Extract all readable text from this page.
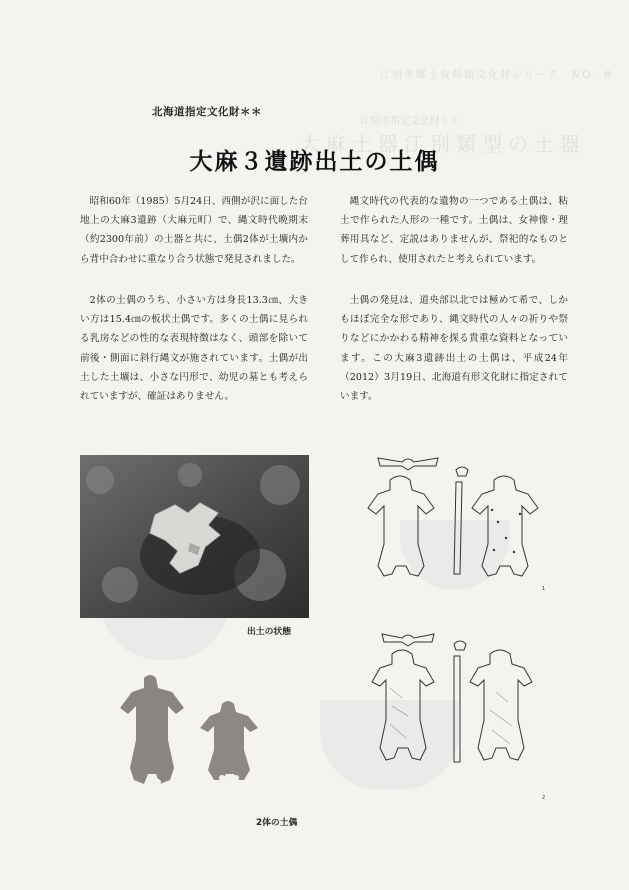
江別市郷土資料館文化財シリーズ　NO．8
江別市指定文化財＊＊
大麻土器江別類型の土器
北海道指定文化財＊＊
大麻３遺跡出土の土偶

昭和60年（1985）5月24日、西側が沢に面した台地上の大麻3遺跡（大麻元町）で、縄文時代晩期末（約2300年前）の土器と共に、土偶2体が土壙内から背中合わせに重なり合う状態で発見されました。

2体の土偶のうち、小さい方は身長13.3㎝、大きい方は15.4㎝の板状土偶です。多くの土偶に見られる乳房などの性的な表現特徴はなく、頭部を除いて前後・側面に斜行縄文が施されています。土偶が出土した土壙は、小さな円形で、幼児の墓とも考えられていますが、確証はありません。

縄文時代の代表的な遺物の一つである土偶は、粘土で作られた人形の一種です。土偶は、女神像・理葬用具など、定説はありませんが、祭祀的なものとして作られ、使用されたと考えられています。

土偶の発見は、道央部以北では極めて希で、しかもほぼ完全な形であり、縄文時代の人々の祈りや祭りなどにかかわる精神を探る貴重な資料となっています。この大麻3遺跡出土の土偶は、平成24年（2012）3月19日、北海道有形文化財に指定されています。

出土の状態
2体の土偶
1
2
